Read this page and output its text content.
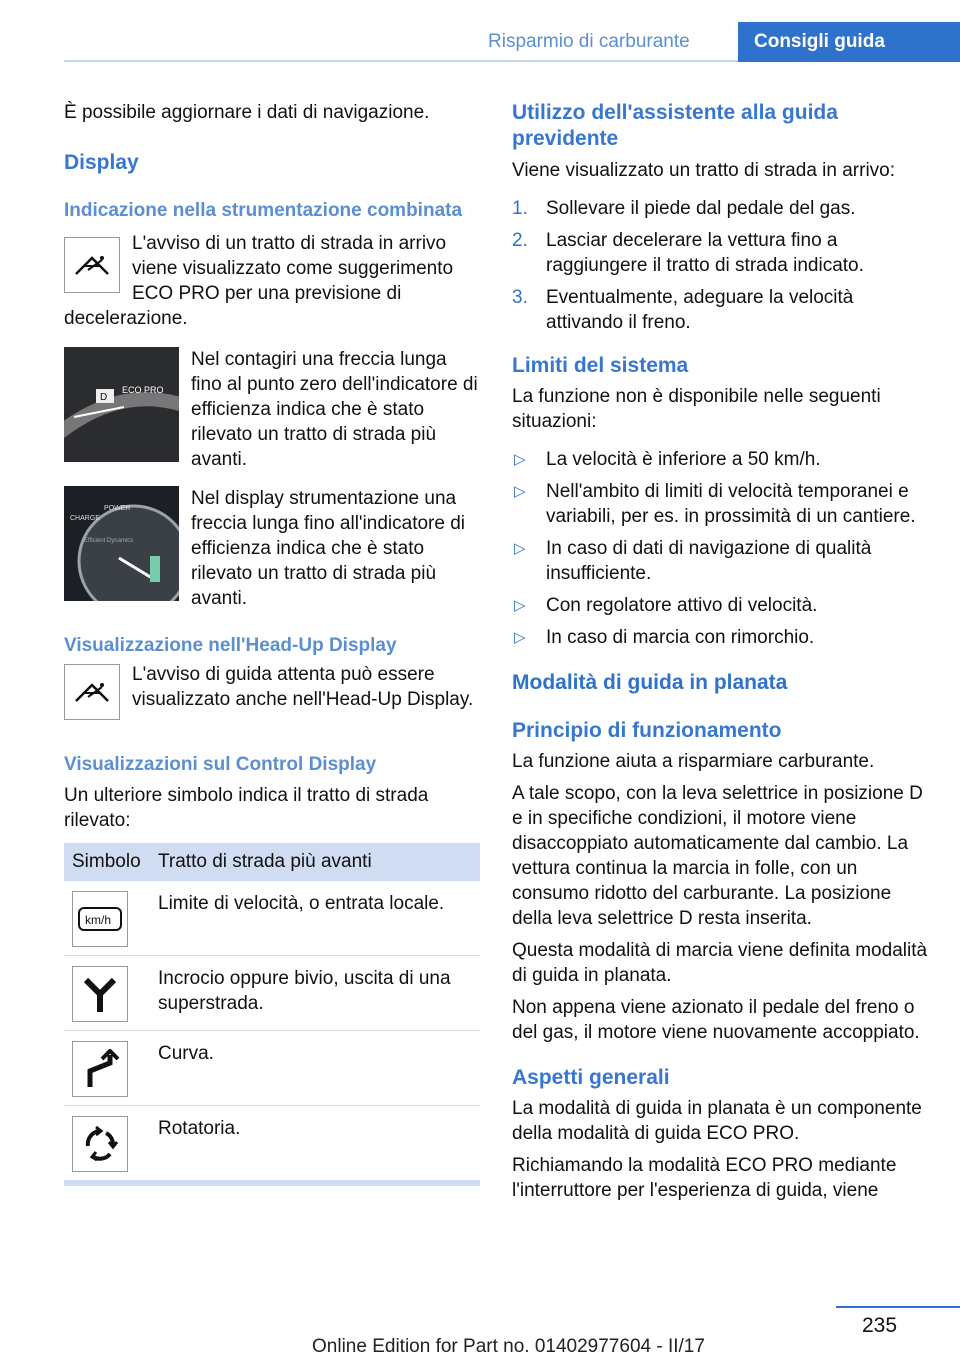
Risparmio di carburante	Consigli guida

È possibile aggiornare i dati di navigazione.

Display
Indicazione nella strumentazione combinata

L'avviso di un tratto di strada in arrivo viene visualizzato come suggerimento ECO PRO per una previsione di decelerazione.

D
ECO PRO

Nel contagiri una freccia lunga fino al punto zero dell'indicatore di efficienza indica che è stato rilevato un tratto di strada più avanti.

CHARGE
POWER
Efficient Dynamics

Nel display strumentazione una freccia lunga fino all'indicatore di efficienza indica che è stato rilevato un tratto di strada più avanti.

Visualizzazione nell'Head-Up Display

L'avviso di guida attenta può essere visualizzato anche nell'Head-Up Display.

Visualizzazioni sul Control Display

Un ulteriore simbolo indica il tratto di strada rilevato:

Simbolo	Tratto di strada più avanti

km/h	Limite di velocità, o entrata locale.

	Incrocio oppure bivio, uscita di una superstrada.

	Curva.

	Rotatoria.
Utilizzo dell'assistente alla guida previdente

Viene visualizzato un tratto di strada in arrivo:

1. Sollevare il piede dal pedale del gas.
2. Lasciar decelerare la vettura fino a raggiungere il tratto di strada indicato.
3. Eventualmente, adeguare la velocità attivando il freno.
Limiti del sistema

La funzione non è disponibile nelle seguenti situazioni:

▷ La velocità è inferiore a 50 km/h.
▷ Nell'ambito di limiti di velocità temporanei e variabili, per es. in prossimità di un cantiere.
▷ In caso di dati di navigazione di qualità insufficiente.
▷ Con regolatore attivo di velocità.
▷ In caso di marcia con rimorchio.
Modalità di guida in planata
Principio di funzionamento

La funzione aiuta a risparmiare carburante.

A tale scopo, con la leva selettrice in posizione D e in specifiche condizioni, il motore viene disaccoppiato automaticamente dal cambio. La vettura continua la marcia in folle, con un consumo ridotto del carburante. La posizione della leva selettrice D resta inserita.

Questa modalità di marcia viene definita modalità di guida in planata.

Non appena viene azionato il pedale del freno o del gas, il motore viene nuovamente accoppiato.

Aspetti generali

La modalità di guida in planata è un componente della modalità di guida ECO PRO.

Richiamando la modalità ECO PRO mediante l'interruttore per l'esperienza di guida, viene

235
Online Edition for Part no. 01402977604 - II/17
